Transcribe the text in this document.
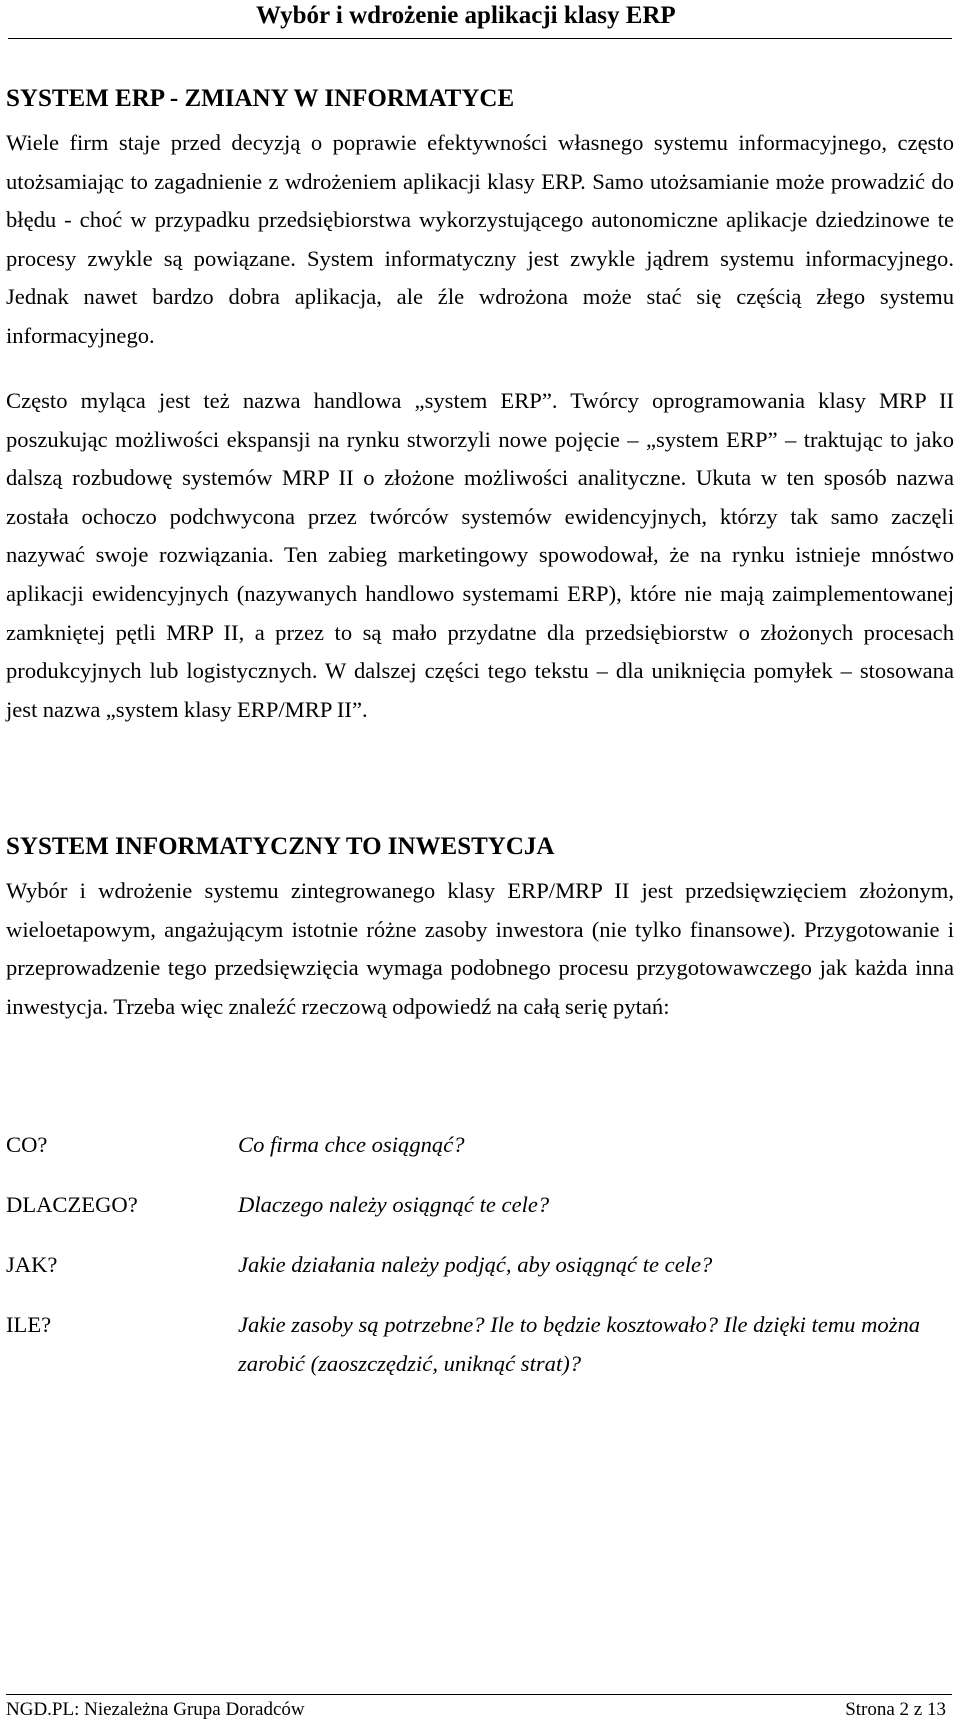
Wybór i wdrożenie aplikacji klasy ERP
SYSTEM ERP - ZMIANY W INFORMATYCE
Wiele firm staje przed decyzją o poprawie efektywności własnego systemu informacyjnego, często utożsamiając to zagadnienie z wdrożeniem aplikacji klasy ERP. Samo utożsamianie może prowadzić do błędu - choć w przypadku przedsiębiorstwa wykorzystującego autonomiczne aplikacje dziedzinowe te procesy zwykle są powiązane. System informatyczny jest zwykle jądrem systemu informacyjnego. Jednak nawet bardzo dobra aplikacja, ale źle wdrożona może stać się częścią złego systemu informacyjnego.
Często myląca jest też nazwa handlowa „system ERP”. Twórcy oprogramowania klasy MRP II poszukując możliwości ekspansji na rynku stworzyli nowe pojęcie – „system ERP” – traktując to jako dalszą rozbudowę systemów MRP II o złożone możliwości analityczne. Ukuta w ten sposób nazwa została ochoczo podchwycona przez twórców systemów ewidencyjnych, którzy tak samo zaczęli nazywać swoje rozwiązania. Ten zabieg marketingowy spowodował, że na rynku istnieje mnóstwo aplikacji ewidencyjnych (nazywanych handlowo systemami ERP), które nie mają zaimplementowanej zamkniętej pętli MRP II, a przez to są mało przydatne dla przedsiębiorstw o złożonych procesach produkcyjnych lub logistycznych. W dalszej części tego tekstu – dla uniknięcia pomyłek – stosowana jest nazwa „system klasy ERP/MRP II”.
SYSTEM INFORMATYCZNY TO INWESTYCJA
Wybór i wdrożenie systemu zintegrowanego klasy ERP/MRP II jest przedsięwzięciem złożonym, wieloetapowym, angażującym istotnie różne zasoby inwestora (nie tylko finansowe). Przygotowanie i przeprowadzenie tego przedsięwzięcia wymaga podobnego procesu przygotowawczego jak każda inna inwestycja. Trzeba więc znaleźć rzeczową odpowiedź na całą serię pytań:
CO?	Co firma chce osiągnąć?
DLACZEGO?	Dlaczego należy osiągnąć te cele?
JAK?	Jakie działania należy podjąć, aby osiągnąć te cele?
ILE?	Jakie zasoby są potrzebne? Ile to będzie kosztowało? Ile dzięki temu można zarobić (zaoszczędzić, uniknąć strat)?
NGD.PL: Niezależna Grupa Doradców	Strona 2 z 13
